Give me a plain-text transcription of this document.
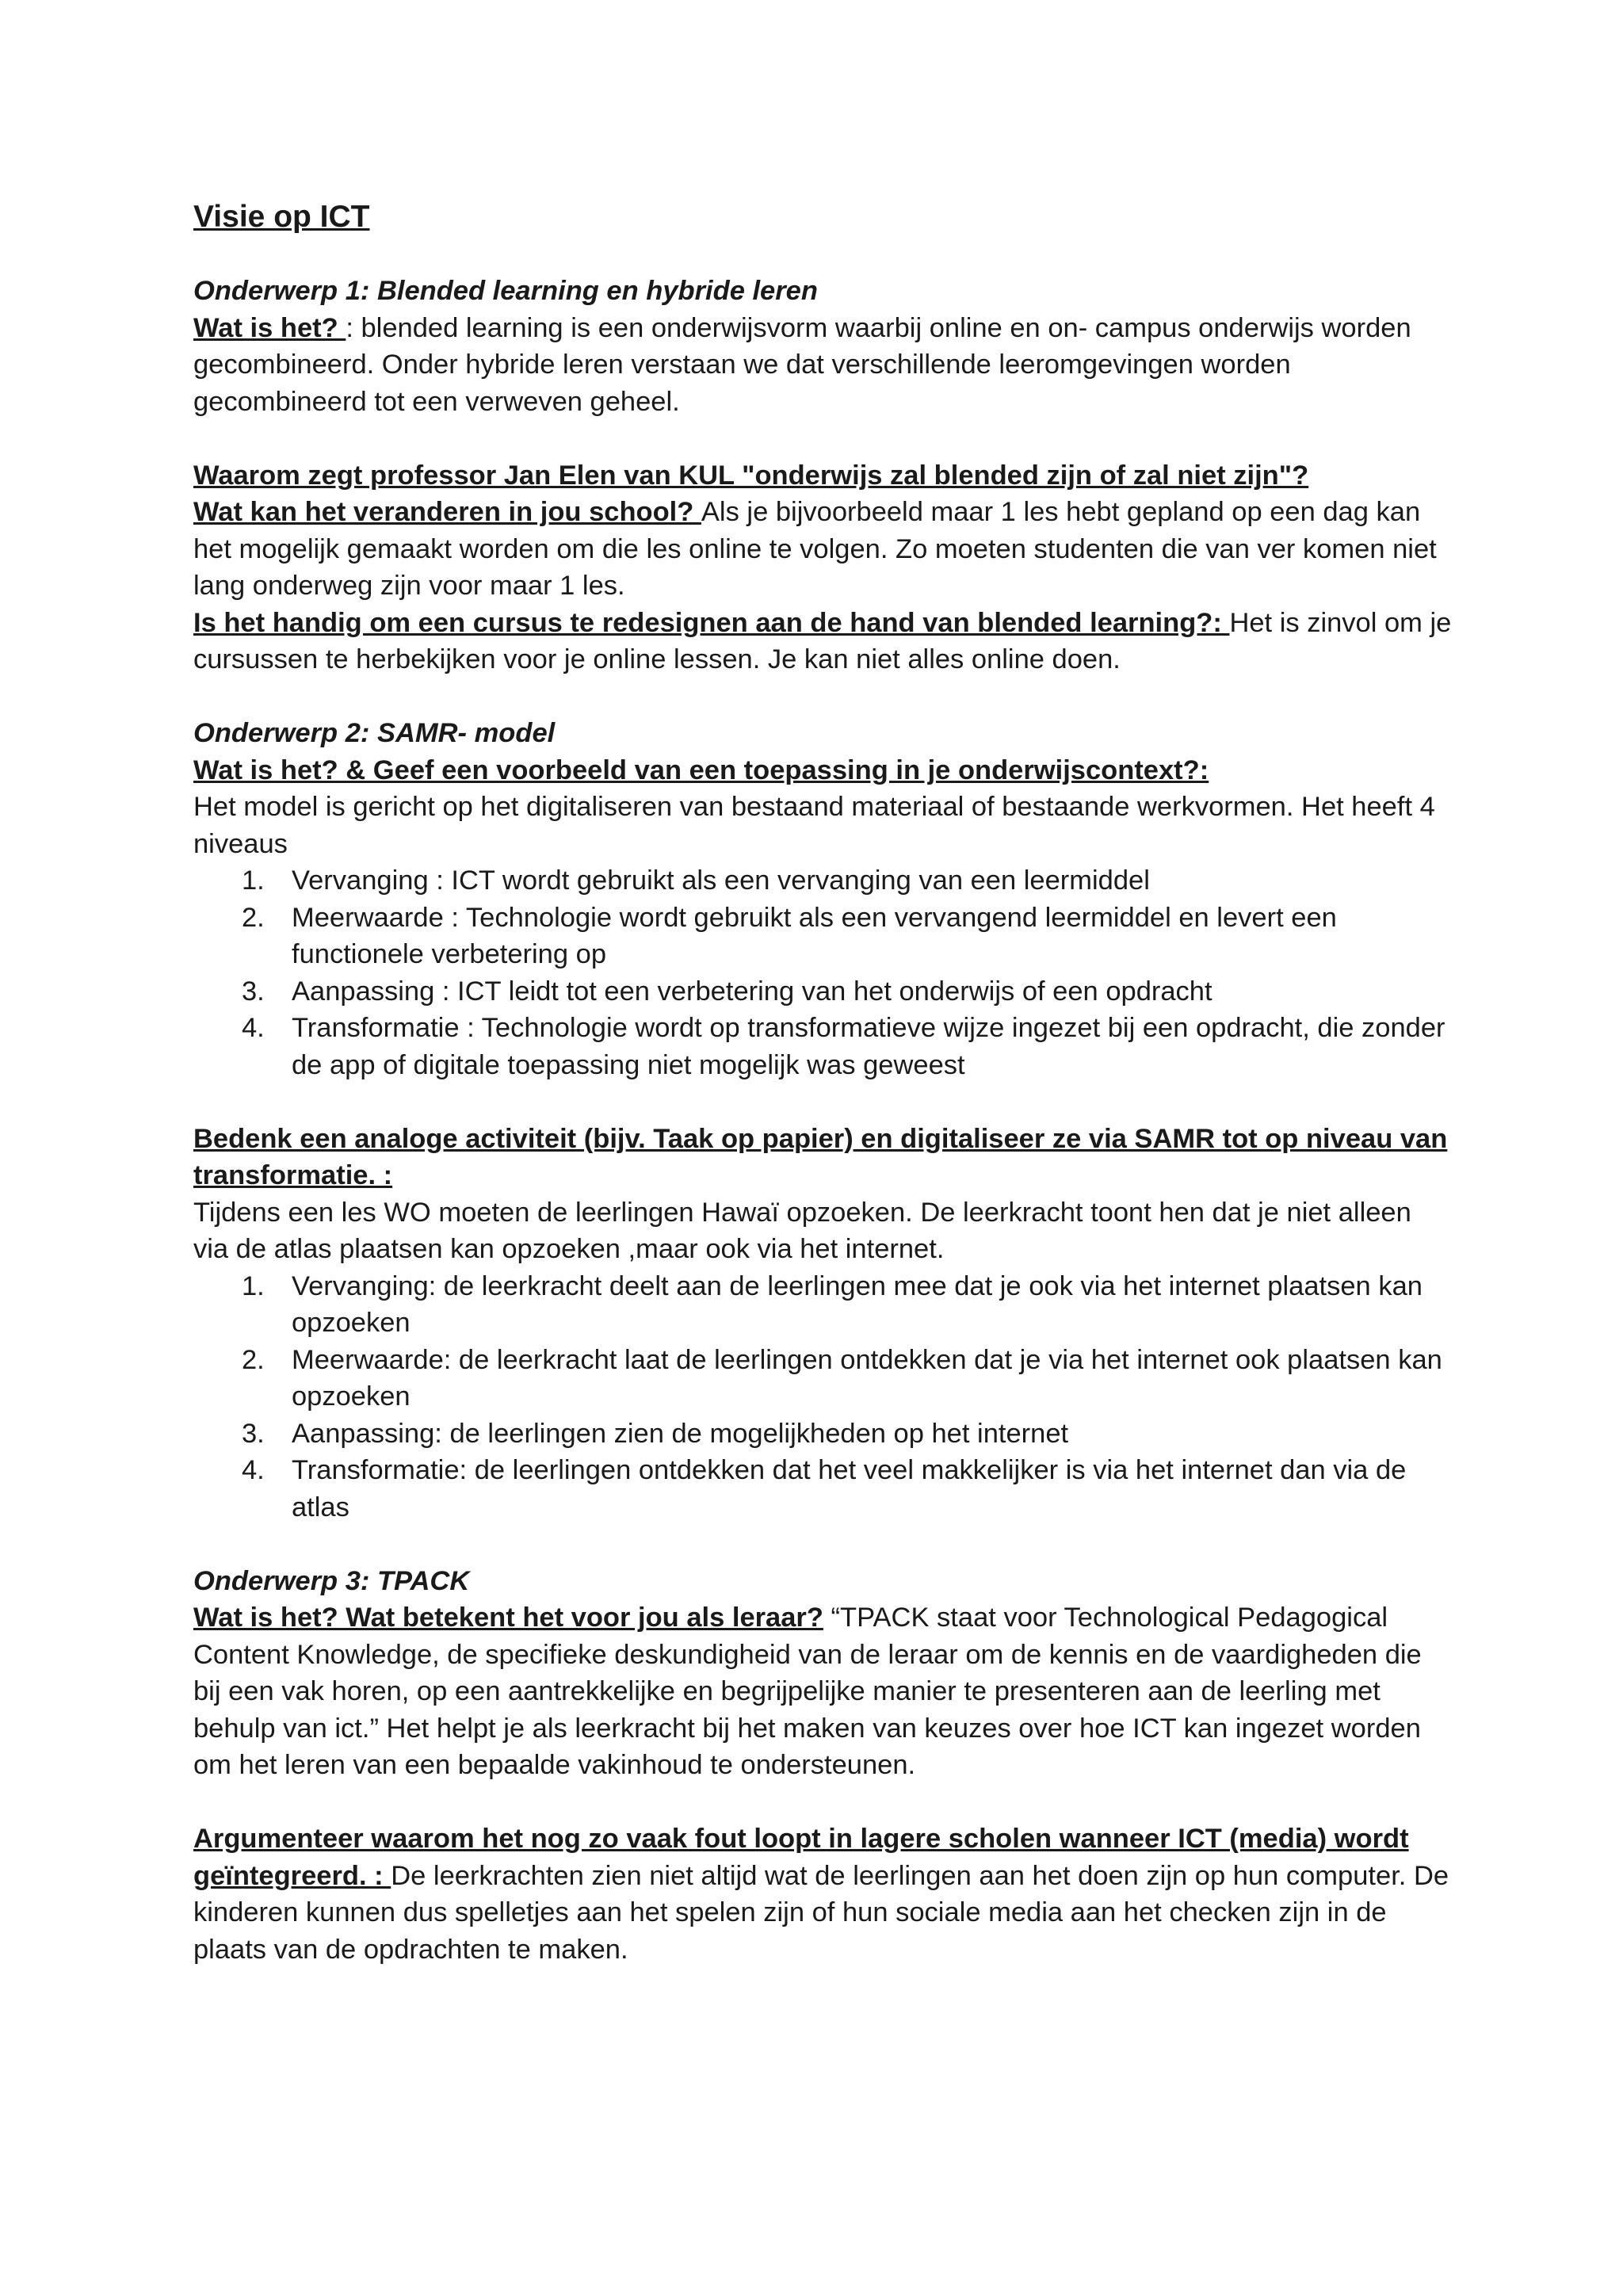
Visie op ICT

Onderwerp 1: Blended learning en hybride leren

Wat is het? : blended learning is een onderwijsvorm waarbij online en on- campus onderwijs worden gecombineerd. Onder hybride leren verstaan we dat verschillende leeromgevingen worden gecombineerd tot een verweven geheel.

Waarom zegt professor Jan Elen van KUL "onderwijs zal blended zijn of zal niet zijn"?

Wat kan het veranderen in jou school? Als je bijvoorbeeld maar 1 les hebt gepland op een dag kan het mogelijk gemaakt worden om die les online te volgen. Zo moeten studenten die van ver komen niet lang onderweg zijn voor maar 1 les.

Is het handig om een cursus te redesignen aan de hand van blended learning?: Het is zinvol om je cursussen te herbekijken voor je online lessen. Je kan niet alles online doen.

Onderwerp 2: SAMR- model

Wat is het? & Geef een voorbeeld van een toepassing in je onderwijscontext?:

Het model is gericht op het digitaliseren van bestaand materiaal of bestaande werkvormen. Het heeft 4 niveaus

1. Vervanging : ICT wordt gebruikt als een vervanging van een leermiddel
2. Meerwaarde : Technologie wordt gebruikt als een vervangend leermiddel en levert een functionele verbetering op
3. Aanpassing : ICT leidt tot een verbetering van het onderwijs of een opdracht
4. Transformatie : Technologie wordt op transformatieve wijze ingezet bij een opdracht, die zonder de app of digitale toepassing niet mogelijk was geweest

Bedenk een analoge activiteit (bijv. Taak op papier) en digitaliseer ze via SAMR tot op niveau van transformatie. :

Tijdens een les WO moeten de leerlingen Hawaï opzoeken. De leerkracht toont hen dat je niet alleen via de atlas plaatsen kan opzoeken ,maar ook via het internet.

1. Vervanging: de leerkracht deelt aan de leerlingen mee dat je ook via het internet plaatsen kan opzoeken
2. Meerwaarde: de leerkracht laat de leerlingen ontdekken dat je via het internet ook plaatsen kan opzoeken
3. Aanpassing: de leerlingen zien de mogelijkheden op het internet
4. Transformatie: de leerlingen ontdekken dat het veel makkelijker is via het internet dan via de atlas

Onderwerp 3: TPACK

Wat is het? Wat betekent het voor jou als leraar? “TPACK staat voor Technological Pedagogical Content Knowledge, de specifieke deskundigheid van de leraar om de kennis en de vaardigheden die bij een vak horen, op een aantrekkelijke en begrijpelijke manier te presenteren aan de leerling met behulp van ict.” Het helpt je als leerkracht bij het maken van keuzes over hoe ICT kan ingezet worden om het leren van een bepaalde vakinhoud te ondersteunen.

Argumenteer waarom het nog zo vaak fout loopt in lagere scholen wanneer ICT (media) wordt geïntegreerd. : De leerkrachten zien niet altijd wat de leerlingen aan het doen zijn op hun computer. De kinderen kunnen dus spelletjes aan het spelen zijn of hun sociale media aan het checken zijn in de plaats van de opdrachten te maken.
